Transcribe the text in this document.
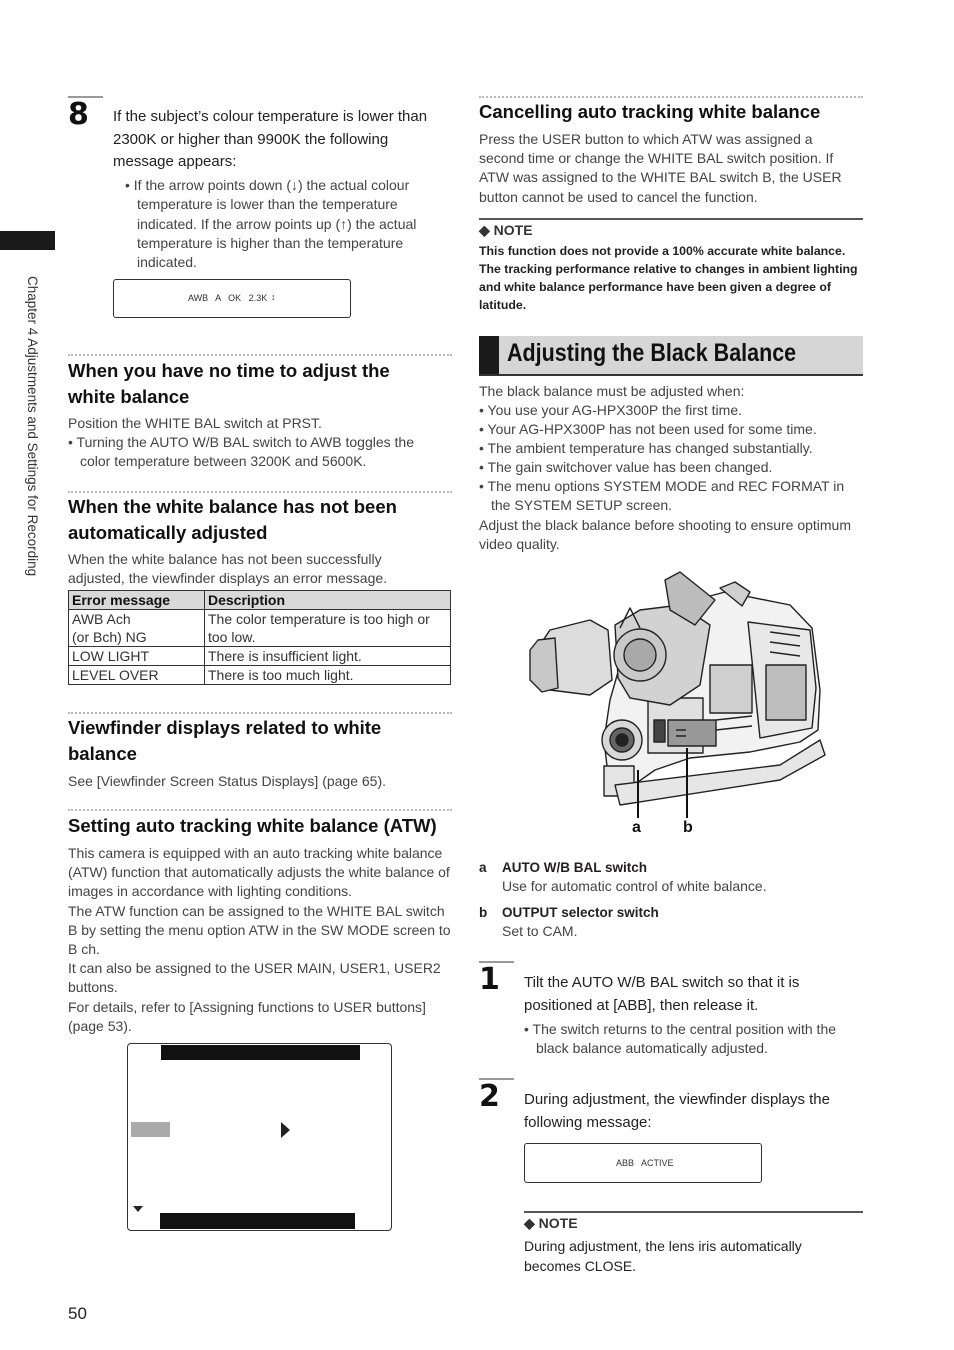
Chapter 4 Adjustments and Settings for Recording
8 If the subject’s colour temperature is lower than 2300K or higher than 9900K the following message appears:
• If the arrow points down (↓) the actual colour temperature is lower than the temperature indicated. If the arrow points up (↑) the actual temperature is higher than the temperature indicated.
AWB   A   OK   2.3K ↕
When you have no time to adjust the white balance
Position the WHITE BAL switch at PRST.
• Turning the AUTO W/B BAL switch to AWB toggles the color temperature between 3200K and 5600K.
When the white balance has not been automatically adjusted
When the white balance has not been successfully adjusted, the viewfinder displays an error message.
Error message	Description
AWB Ach
(or Bch) NG	The color temperature is too high or too low.
LOW LIGHT	There is insufficient light.
LEVEL OVER	There is too much light.
Viewfinder displays related to white balance
See [Viewfinder Screen Status Displays] (page 65).
Setting auto tracking white balance (ATW)
This camera is equipped with an auto tracking white balance (ATW) function that automatically adjusts the white balance of images in accordance with lighting conditions.
The ATW function can be assigned to the WHITE BAL switch B by setting the menu option ATW in the SW MODE screen to B ch.
It can also be assigned to the USER MAIN, USER1, USER2 buttons.
For details, refer to [Assigning functions to USER buttons] (page 53).
50
Cancelling auto tracking white balance
Press the USER button to which ATW was assigned a second time or change the WHITE BAL switch position. If ATW was assigned to the WHITE BAL switch B, the USER button cannot be used to cancel the function.
◆ NOTE
This function does not provide a 100% accurate white balance. The tracking performance relative to changes in ambient lighting and white balance performance have been given a degree of latitude.
Adjusting the Black Balance
The black balance must be adjusted when:
• You use your AG-HPX300P the first time.
• Your AG-HPX300P has not been used for some time.
• The ambient temperature has changed substantially.
• The gain switchover value has been changed.
• The menu options SYSTEM MODE and REC FORMAT in the SYSTEM SETUP screen.
Adjust the black balance before shooting to ensure optimum video quality.
a	b
a AUTO W/B BAL switch
Use for automatic control of white balance.
b OUTPUT selector switch
Set to CAM.
1 Tilt the AUTO W/B BAL switch so that it is positioned at [ABB], then release it.
• The switch returns to the central position with the black balance automatically adjusted.
2 During adjustment, the viewfinder displays the following message:
ABB   ACTIVE
◆ NOTE
During adjustment, the lens iris automatically becomes CLOSE.
